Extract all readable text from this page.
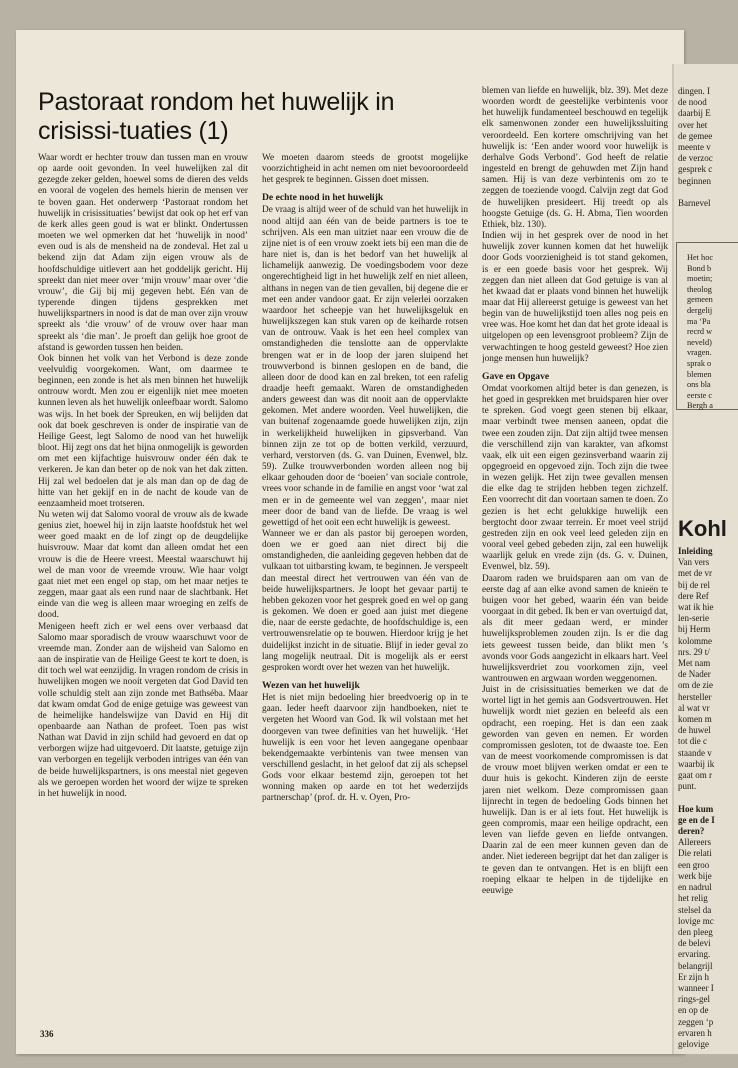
Pastoraat rondom het huwelijk in crisissi-tuaties (1)

Waar wordt er hechter trouw dan tussen man en vrouw op aarde ooit gevonden. In veel huwelijken zal dit gezegde zeker gelden, hoewel soms de dieren des velds en vooral de vogelen des hemels hierin de mensen ver te boven gaan. Het onderwerp ‘Pastoraat rondom het huwelijk in crisissituaties’ bewijst dat ook op het erf van de kerk alles geen goud is wat er blinkt. Ondertussen moeten we wel opmerken dat het ‘huwelijk in nood’ even oud is als de mensheid na de zondeval. Het zal u bekend zijn dat Adam zijn eigen vrouw als de hoofdschuldige uitlevert aan het goddelijk gericht. Hij spreekt dan niet meer over ‘mijn vrouw’ maar over ‘die vrouw’, die Gij bij mij gegeven hebt. Eén van de typerende dingen tijdens gesprekken met huwelijkspartners in nood is dat de man over zijn vrouw spreekt als ‘die vrouw’ of de vrouw over haar man spreekt als ‘die man’. Je proeft dan gelijk hoe groot de afstand is geworden tussen hen beiden.

Ook binnen het volk van het Verbond is deze zonde veelvuldig voorgekomen. Want, om daarmee te beginnen, een zonde is het als men binnen het huwelijk ontrouw wordt. Men zou er eigenlijk niet mee moeten kunnen leven als het huwelijk onleefbaar wordt. Salomo was wijs. In het boek der Spreuken, en wij belijden dat ook dat boek geschreven is onder de inspiratie van de Heilige Geest, legt Salomo de nood van het huwelijk bloot. Hij zegt ons dat het bijna onmogelijk is geworden om met een kijfachtige huisvrouw onder één dak te verkeren. Je kan dan beter op de nok van het dak zitten. Hij zal wel bedoelen dat je als man dan op de dag de hitte van het gekijf en in de nacht de koude van de eenzaamheid moet trotseren.

Nu weten wij dat Salomo vooral de vrouw als de kwade genius ziet, hoewel hij in zijn laatste hoofdstuk het wel weer goed maakt en de lof zingt op de deugdelijke huisvrouw. Maar dat komt dan alleen omdat het een vrouw is die de Heere vreest. Meestal waarschuwt hij wel de man voor de vreemde vrouw. Wie haar volgt gaat niet met een engel op stap, om het maar netjes te zeggen, maar gaat als een rund naar de slachtbank. Het einde van die weg is alleen maar wroeging en zelfs de dood.

Menigeen heeft zich er wel eens over verbaasd dat Salomo maar sporadisch de vrouw waarschuwt voor de vreemde man. Zonder aan de wijsheid van Salomo en aan de inspiratie van de Heilige Geest te kort te doen, is dit toch wel wat eenzijdig. In vragen rondom de crisis in huwelijken mogen we nooit vergeten dat God David ten volle schuldig stelt aan zijn zonde met Bathséba. Maar dat kwam omdat God de enige getuige was geweest van de heimelijke handelswijze van David en Hij dit openbaarde aan Nathan de profeet. Toen pas wist Nathan wat David in zijn schild had gevoerd en dat op verborgen wijze had uitgevoerd. Dit laatste, getuige zijn van verborgen en tegelijk verboden intriges van één van de beide huwelijkspartners, is ons meestal niet gegeven als we geroepen worden het woord der wijze te spreken in het huwelijk in nood.

We moeten daarom steeds de grootst mogelijke voorzichtigheid in acht nemen om niet bevooroordeeld het gesprek te beginnen. Gissen doet missen.

De echte nood in het huwelijk

De vraag is altijd weer of de schuld van het huwelijk in nood altijd aan één van de beide partners is toe te schrijven. Als een man uitziet naar een vrouw die de zijne niet is of een vrouw zoekt iets bij een man die de hare niet is, dan is het bedorf van het huwelijk al lichamelijk aanwezig. De voedingsbodem voor deze ongerechtigheid ligt in het huwelijk zelf en niet alleen, althans in negen van de tien gevallen, bij degene die er met een ander vandoor gaat. Er zijn velerlei oorzaken waardoor het scheepje van het huwelijksgeluk en huwelijkszegen kan stuk varen op de keiharde rotsen van de ontrouw. Vaak is het een heel complex van omstandigheden die tenslotte aan de oppervlakte brengen wat er in de loop der jaren sluipend het trouwverbond is binnen geslopen en de band, die alleen door de dood kan en zal breken, tot een rafelig draadje heeft gemaakt. Waren de omstandigheden anders geweest dan was dit nooit aan de oppervlakte gekomen. Met andere woorden. Veel huwelijken, die van buitenaf zogenaamde goede huwelijken zijn, zijn in werkelijkheid huwelijken in gipsverband. Van binnen zijn ze tot op de botten verkild, verzuurd, verhard, verstorven (ds. G. van Duinen, Evenwel, blz. 59). Zulke trouwverbonden worden alleen nog bij elkaar gehouden door de ‘boeien’ van sociale controle, vrees voor schande in de familie en angst voor ‘wat zal men er in de gemeente wel van zeggen’, maar niet meer door de band van de liefde. De vraag is wel gewettigd of het ooit een echt huwelijk is geweest.

Wanneer we er dan als pastor bij geroepen worden, doen we er goed aan niet direct bij die omstandigheden, die aanleiding gegeven hebben dat de vulkaan tot uitbarsting kwam, te beginnen. Je verspeelt dan meestal direct het vertrouwen van één van de beide huwelijkspartners. Je loopt het gevaar partij te hebben gekozen voor het gesprek goed en wel op gang is gekomen. We doen er goed aan juist met diegene die, naar de eerste gedachte, de hoofdschuldige is, een vertrouwensrelatie op te bouwen. Hierdoor krijg je het duidelijkst inzicht in de situatie. Blijf in ieder geval zo lang mogelijk neutraal. Dit is mogelijk als er eerst gesproken wordt over het wezen van het huwelijk.

Wezen van het huwelijk

Het is niet mijn bedoeling hier breedvoerig op in te gaan. Ieder heeft daarvoor zijn handboeken, niet te vergeten het Woord van God. Ik wil volstaan met het doorgeven van twee definities van het huwelijk. ‘Het huwelijk is een voor het leven aangegane openbaar bekendgemaakte verbintenis van twee mensen van verschillend geslacht, in het geloof dat zij als schepsel Gods voor elkaar bestemd zijn, geroepen tot het wonning maken op aarde en tot het wederzijds partnerschap’ (prof. dr. H. v. Oyen, Pro-

blemen van liefde en huwelijk, blz. 39). Met deze woorden wordt de geestelijke verbintenis voor het huwelijk fundamenteel beschouwd en tegelijk elk samenwonen zonder een huwelijkssluiting veroordeeld. Een kortere omschrijving van het huwelijk is: ‘Een ander woord voor huwelijk is derhalve Gods Verbond’. God heeft de relatie ingesteld en brengt de gehuwden met Zijn hand samen. Hij is van deze verbintenis om zo te zeggen de toeziende voogd. Calvijn zegt dat God de huwelijken presideert. Hij treedt op als hoogste Getuige (ds. G. H. Abma, Tien woorden Ethiek, blz. 130).

Indien wij in het gesprek over de nood in het huwelijk zover kunnen komen dat het huwelijk door Gods voorzienigheid is tot stand gekomen, is er een goede basis voor het gesprek. Wij zeggen dan niet alleen dat God getuige is van al het kwaad dat er plaats vond binnen het huwelijk maar dat Hij allereerst getuige is geweest van het begin van de huwelijkstijd toen alles nog peis en vree was. Hoe komt het dan dat het grote ideaal is uitgelopen op een levensgroot probleem? Zijn de verwachtingen te hoog gesteld geweest? Hoe zien jonge mensen hun huwelijk?

Gave en Opgave

Omdat voorkomen altijd beter is dan genezen, is het goed in gesprekken met bruidsparen hier over te spreken. God voegt geen stenen bij elkaar, maar verbindt twee mensen aaneen, opdat die twee een zouden zijn. Dat zijn altijd twee mensen die verschillend zijn van karakter, van afkomst vaak, elk uit een eigen gezinsverband waarin zij opgegroeid en opgevoed zijn. Toch zijn die twee in wezen gelijk. Het zijn twee gevallen mensen die elke dag te strijden hebben tegen zichzelf. Een voorrecht dit dan voortaan samen te doen. Zo gezien is het echt gelukkige huwelijk een bergtocht door zwaar terrein. Er moet veel strijd gestreden zijn en ook veel leed geleden zijn en vooral veel gebed gebeden zijn, zal een huwelijk waarlijk geluk en vrede zijn (ds. G. v. Duinen, Evenwel, blz. 59).

Daarom raden we bruidsparen aan om van de eerste dag af aan elke avond samen de knieën te buigen voor het gebed, waarin één van beide voorgaat in dit gebed. Ik ben er van overtuigd dat, als dit meer gedaan werd, er minder huwelijksproblemen zouden zijn. Is er die dag iets geweest tussen beide, dan blikt men ’s avonds voor Gods aangezicht in elkaars hart. Veel huwelijksverdriet zou voorkomen zijn, veel wantrouwen en argwaan worden weggenomen.

Juist in de crisissituaties bemerken we dat de wortel ligt in het gemis aan Godsvertrouwen. Het huwelijk wordt niet gezien en beleefd als een opdracht, een roeping. Het is dan een zaak geworden van geven en nemen. Er worden compromissen gesloten, tot de dwaaste toe. Een van de meest voorkomende compromissen is dat de vrouw moet blijven werken omdat er een te duur huis is gekocht. Kinderen zijn de eerste jaren niet welkom. Deze compromissen gaan lijnrecht in tegen de bedoeling Gods binnen het huwelijk. Dan is er al iets fout. Het huwelijk is geen compromis, maar een heilige opdracht, een leven van liefde geven en liefde ontvangen. Daarin zal de een meer kunnen geven dan de ander. Niet iedereen begrijpt dat het dan zaliger is te geven dan te ontvangen. Het is en blijft een roeping elkaar te helpen in de tijdelijke en eeuwige

336
dingen. I
de nood
daarbij E
over het
de gemee
meente v
de verzoc
gesprek c
beginnen

Barnevel
Het hoc
Bond b
moetin;
theolog
gemeen
dergelij
ma ‘Pa
recrd w
neveld)
vragen.
sprak o
blemen
ons bla
eerste c
Bergh a
Kohl
Inleiding
Van vers
met de vr
bij de rel
dere Ref
wat ik hie
len-serie
bij Herm
kolomme
nrs. 29 t/
Met nam
de Nader
om de zie
hersteller
al wat vr
komen m
de huwel
tot die c
staande v
waarbij ik
gaat om r
punt.

Hoe kum
ge en de I
deren?
Allereers
Die relati
een groo
werk bije
en nadrul
het relig
stelsel da
lovige mc
den pleeg
de belevi
ervaring.
belangrijl
Er zijn h
wanneer I
rings-gel
en op de
zeggen ‘p
ervaren h
gelovige
